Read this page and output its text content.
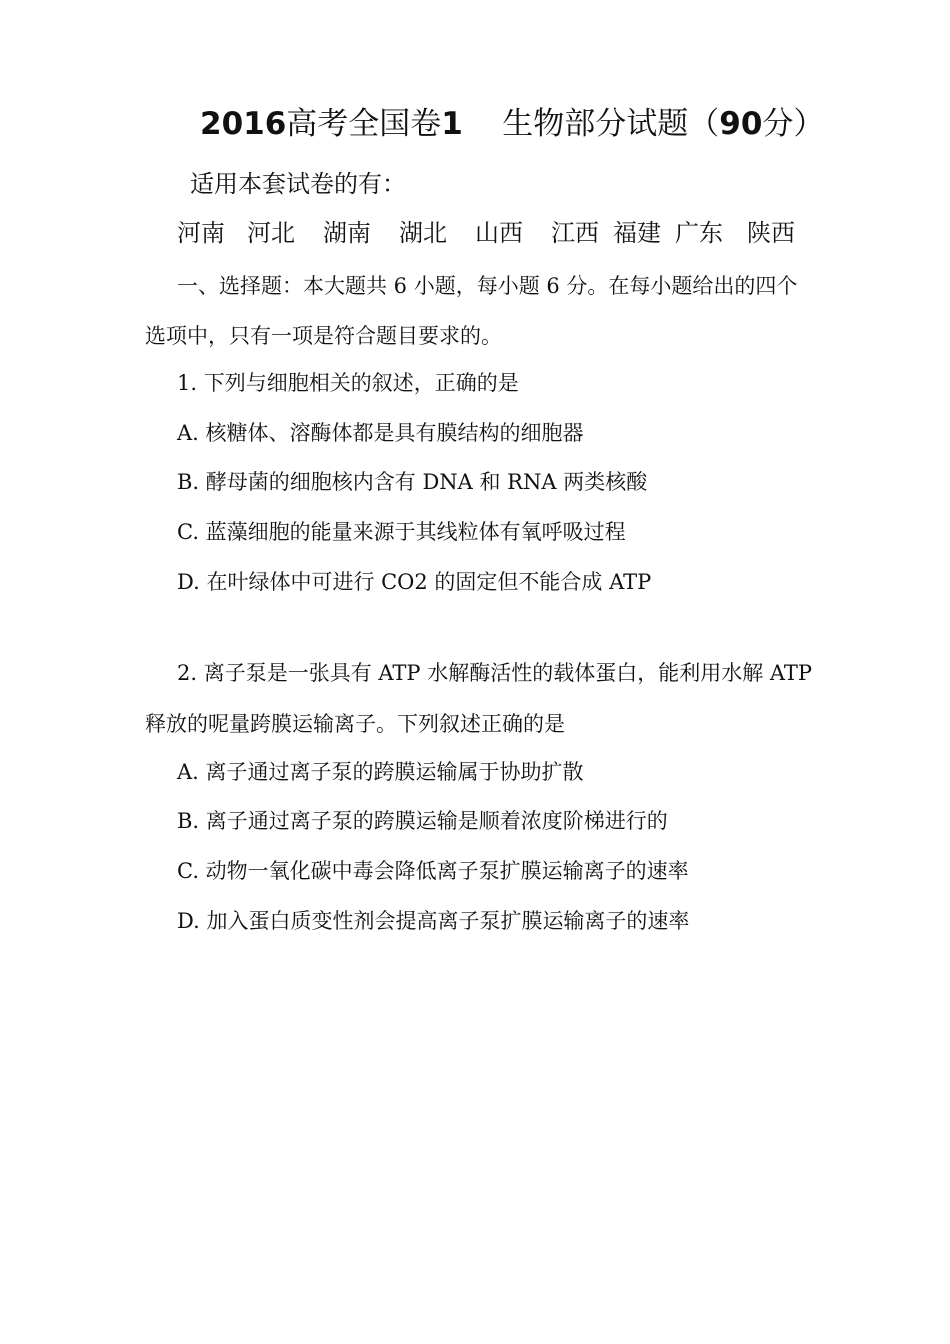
2016高考全国卷1 生物部分试题（90分）
适用本套试卷的有：
河南 河北 湖南 湖北 山西 江西 福建 广东 陕西
一、选择题：本大题共 6 小题，每小题 6 分。在每小题给出的四个
选项中，只有一项是符合题目要求的。
1. 下列与细胞相关的叙述，正确的是
A. 核糖体、溶酶体都是具有膜结构的细胞器
B. 酵母菌的细胞核内含有 DNA 和 RNA 两类核酸
C. 蓝藻细胞的能量来源于其线粒体有氧呼吸过程
D. 在叶绿体中可进行 CO2 的固定但不能合成 ATP
2. 离子泵是一张具有 ATP 水解酶活性的载体蛋白，能利用水解 ATP
释放的呢量跨膜运输离子。下列叙述正确的是
A. 离子通过离子泵的跨膜运输属于协助扩散
B. 离子通过离子泵的跨膜运输是顺着浓度阶梯进行的
C. 动物一氧化碳中毒会降低离子泵扩膜运输离子的速率
D. 加入蛋白质变性剂会提高离子泵扩膜运输离子的速率
